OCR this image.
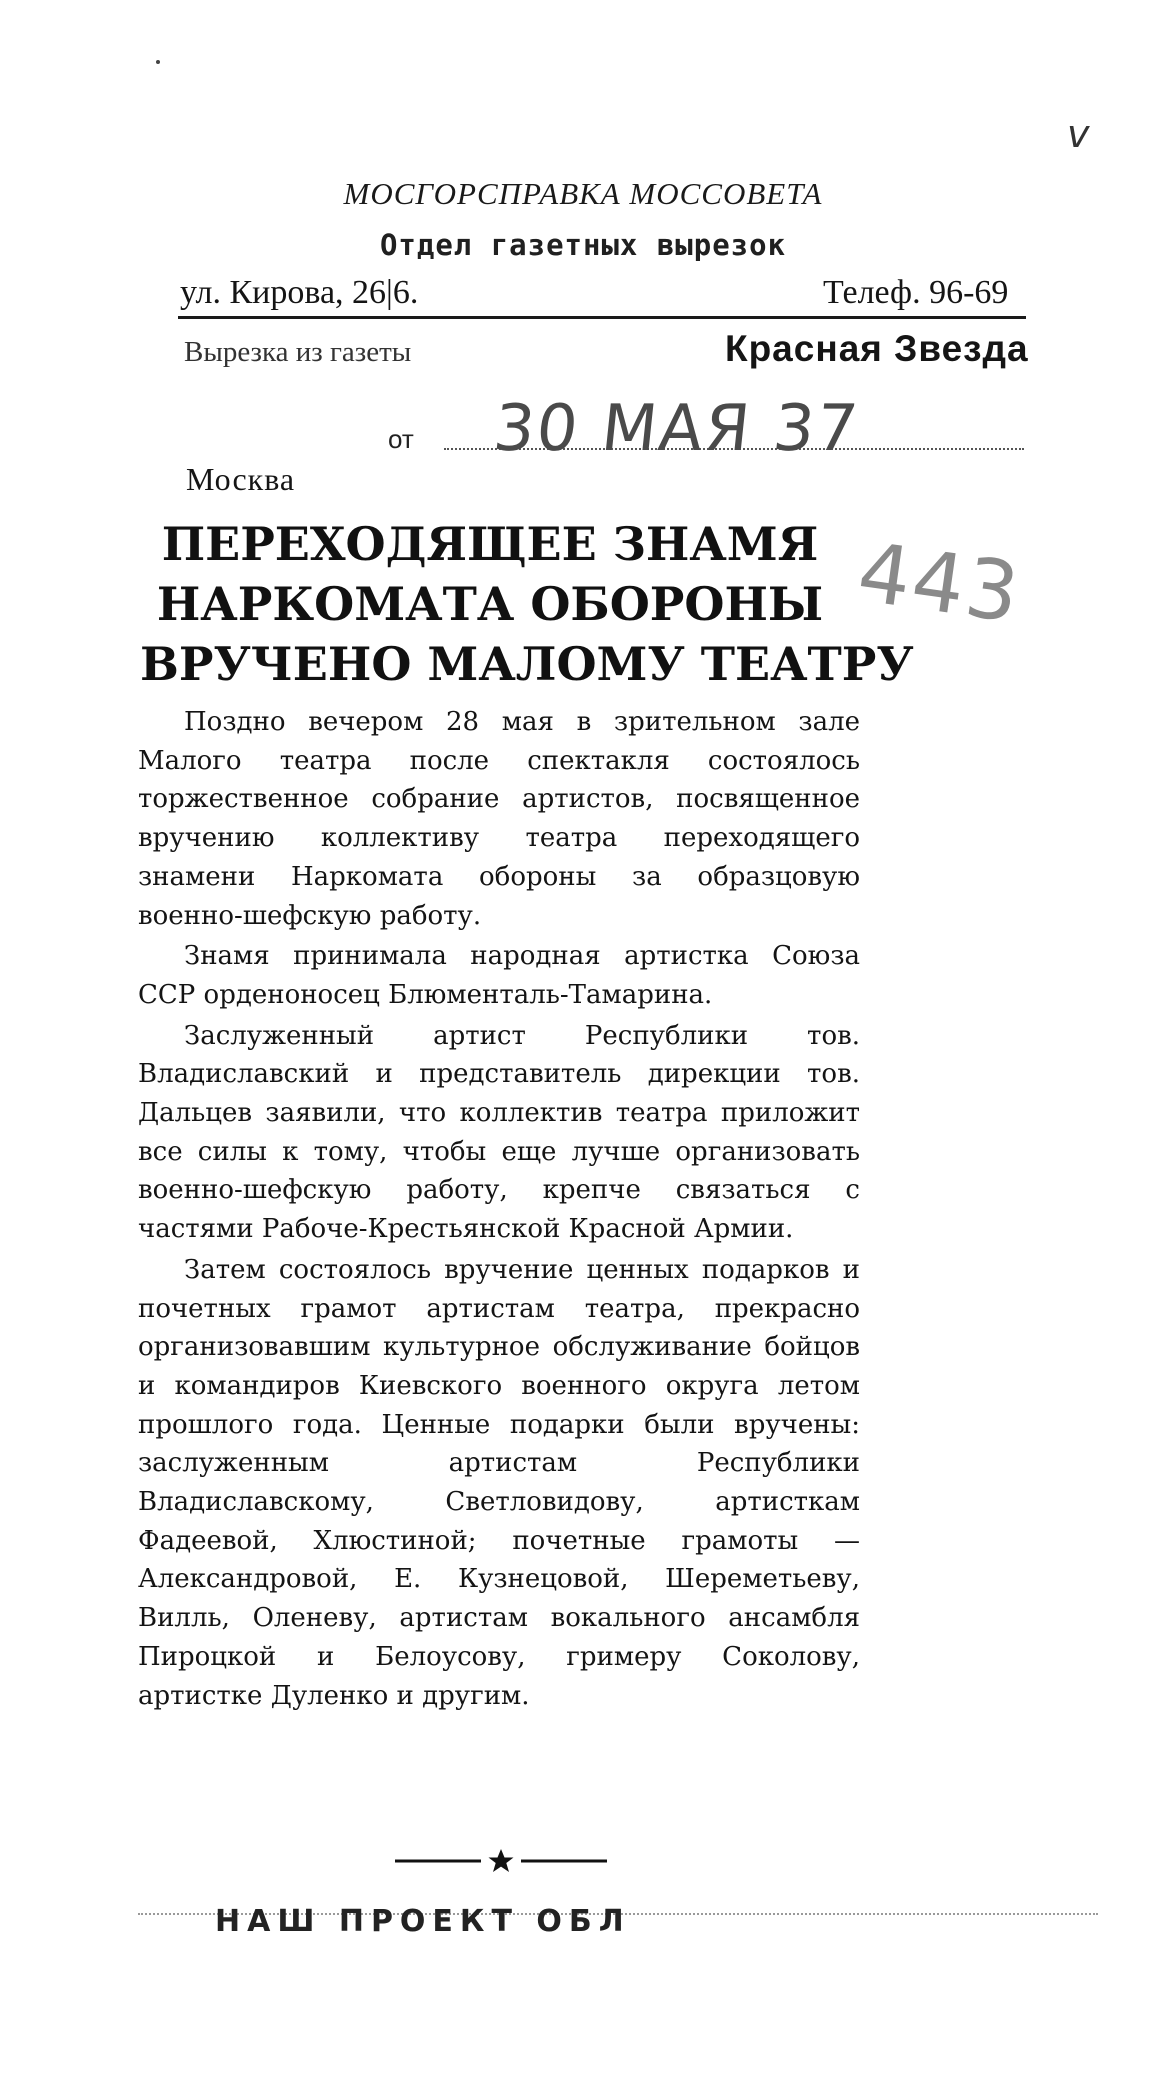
v
МОСГОРСПРАВКА МОССОВЕТА
Отдел газетных вырезок
ул. Кирова, 26|6.	Телеф. 96-69
Вырезка из газеты	Красная Звезда
от 30 МАЯ 37
Москва
ПЕРЕХОДЯЩЕЕ ЗНАМЯ
НАРКОМАТА ОБОРОНЫ
ВРУЧЕНО МАЛОМУ ТЕАТРУ
443

Поздно вечером 28 мая в зрительном зале Малого театра после спектакля состоялось торжественное собрание артистов, посвященное вручению коллективу театра переходящего знамени Наркомата обороны за образцовую военно-шефскую работу.

Знамя принимала народная артистка Союза ССР орденоносец Блюменталь-Тамарина.

Заслуженный артист Республики тов. Владиславский и представитель дирекции тов. Дальцев заявили, что коллектив театра приложит все силы к тому, чтобы еще лучше организовать военно-шефскую работу, крепче связаться с частями Рабоче-Крестьянской Красной Армии.

Затем состоялось вручение ценных подарков и почетных грамот артистам театра, прекрасно организовавшим культурное обслуживание бойцов и командиров Киевского военного округа летом прошлого года. Ценные подарки были вручены: заслуженным артистам Республики Владиславскому, Светловидову, артисткам Фадеевой, Хлюстиной; почетные грамоты — Александровой, Е. Кузнецовой, Шереметьеву, Вилль, Оленеву, артистам вокального ансамбля Пироцкой и Белоусову, гримеру Соколову, артистке Дуленко и другим.

НАШ ПРОЕКТ ОБЛ
